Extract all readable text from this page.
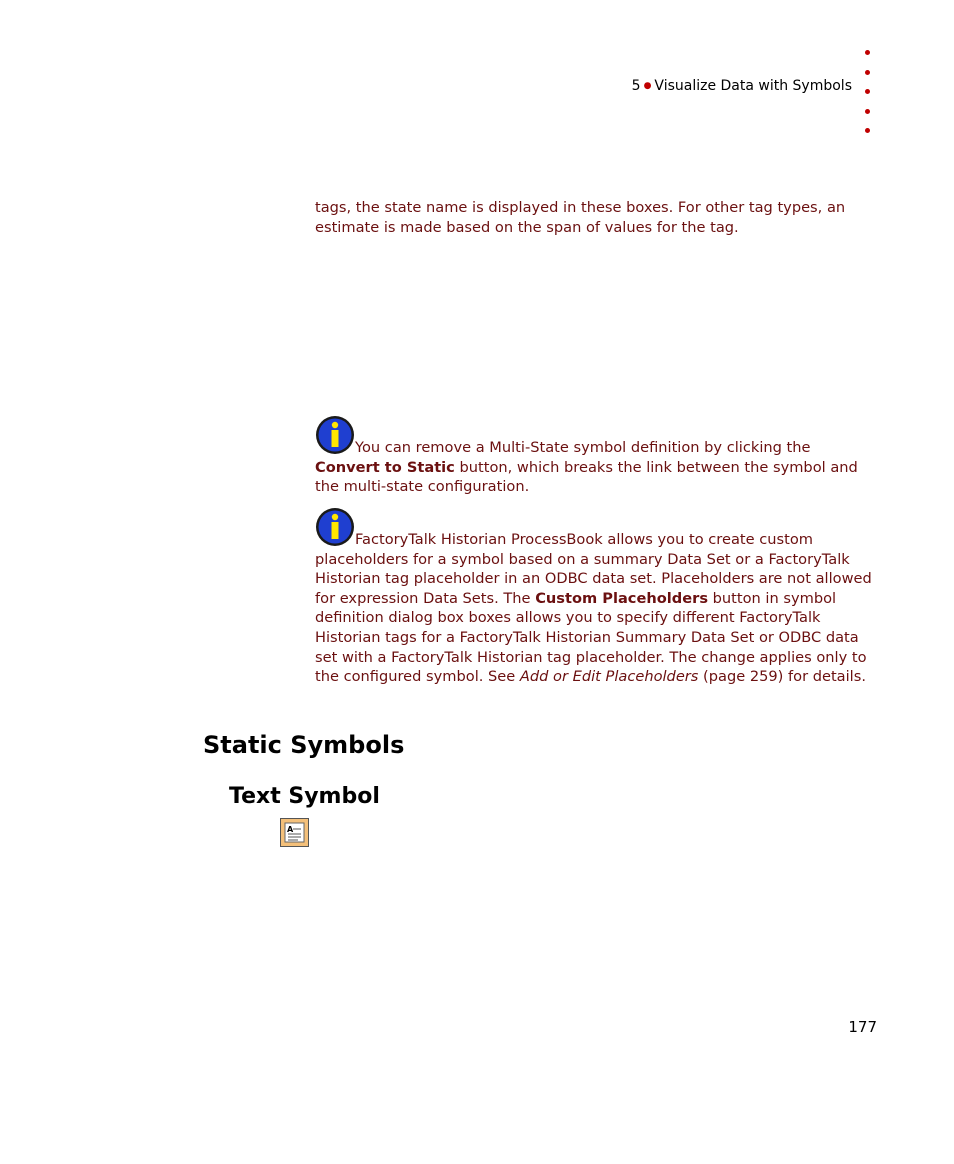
5 ● Visualize Data with Symbols
tags, the state name is displayed in these boxes. For other tag types, an estimate is made based on the span of values for the tag.
You can remove a Multi-State symbol definition by clicking the Convert to Static button, which breaks the link between the symbol and the multi-state configuration.
FactoryTalk Historian ProcessBook allows you to create custom placeholders for a symbol based on a summary Data Set or a FactoryTalk Historian tag placeholder in an ODBC data set. Placeholders are not allowed for expression Data Sets. The Custom Placeholders button in symbol definition dialog box boxes allows you to specify different FactoryTalk Historian tags for a FactoryTalk Historian Summary Data Set or ODBC data set with a FactoryTalk Historian tag placeholder. The change applies only to the configured symbol. See Add or Edit Placeholders (page 259) for details.
Static Symbols
Text Symbol
A
177
